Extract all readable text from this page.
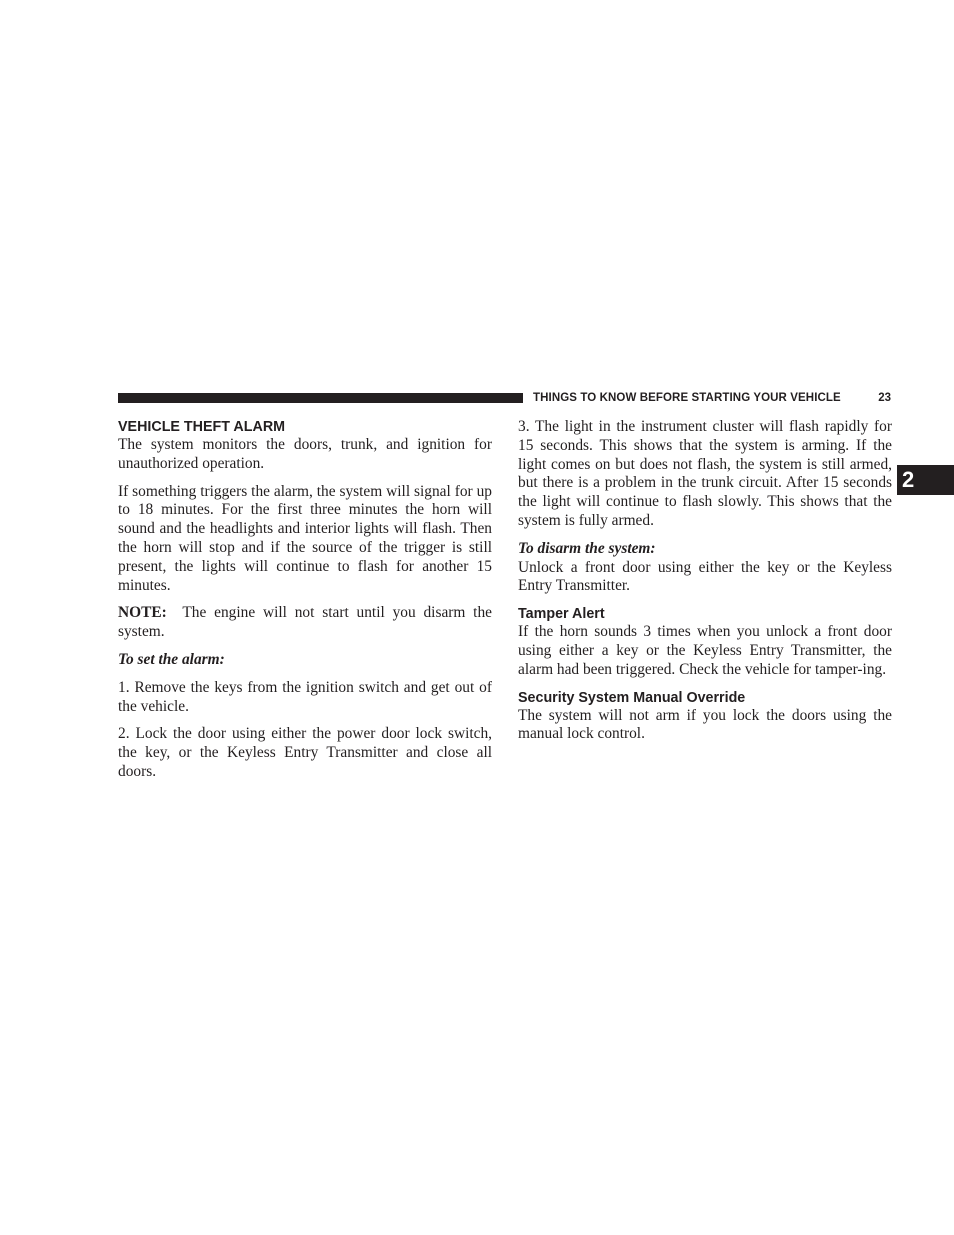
THINGS TO KNOW BEFORE STARTING YOUR VEHICLE	23
2
VEHICLE THEFT ALARM

The system monitors the doors, trunk, and ignition for unauthorized operation.

If something triggers the alarm, the system will signal for up to 18 minutes. For the first three minutes the horn will sound and the headlights and interior lights will flash. Then the horn will stop and if the source of the trigger is still present, the lights will continue to flash for another 15 minutes.

NOTE: The engine will not start until you disarm the system.

To set the alarm:

1. Remove the keys from the ignition switch and get out of the vehicle.

2. Lock the door using either the power door lock switch, the key, or the Keyless Entry Transmitter and close all doors.

3. The light in the instrument cluster will flash rapidly for 15 seconds. This shows that the system is arming. If the light comes on but does not flash, the system is still armed, but there is a problem in the trunk circuit. After 15 seconds the light will continue to flash slowly. This shows that the system is fully armed.

To disarm the system:

Unlock a front door using either the key or the Keyless Entry Transmitter.

Tamper Alert

If the horn sounds 3 times when you unlock a front door using either a key or the Keyless Entry Transmitter, the alarm had been triggered. Check the vehicle for tamper-ing.

Security System Manual Override

The system will not arm if you lock the doors using the manual lock control.
